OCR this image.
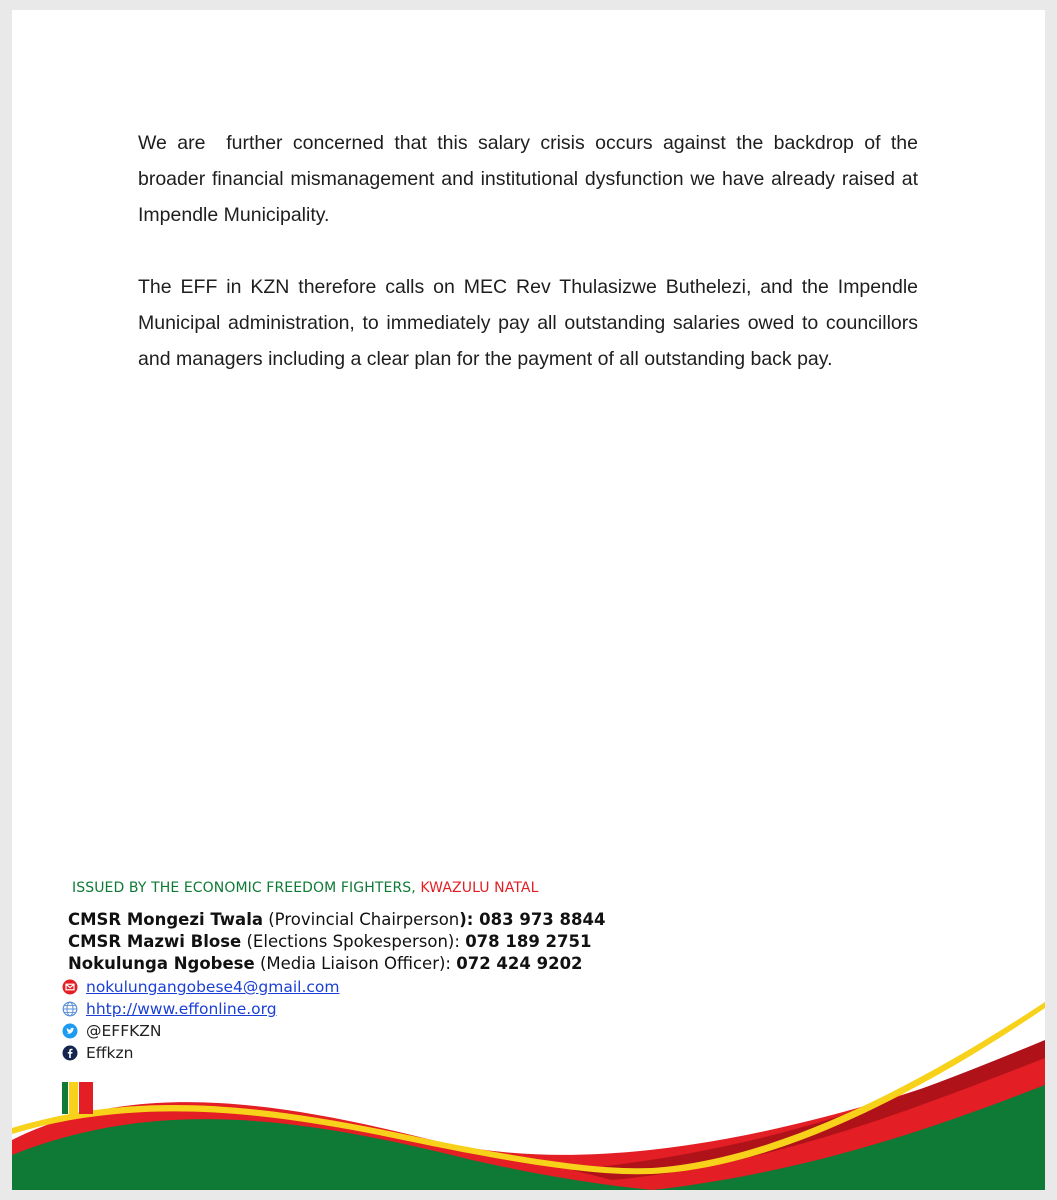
We are  further concerned that this salary crisis occurs against the backdrop of the broader financial mismanagement and institutional dysfunction we have already raised at Impendle Municipality.

The EFF in KZN therefore calls on MEC Rev Thulasizwe Buthelezi, and the Impendle Municipal administration, to immediately pay all outstanding salaries owed to councillors and managers including a clear plan for the payment of all outstanding back pay.

ISSUED BY THE ECONOMIC FREEDOM FIGHTERS, KWAZULU NATAL
CMSR Mongezi Twala (Provincial Chairperson): 083 973 8844
CMSR Mazwi Blose (Elections Spokesperson): 078 189 2751
Nokulunga Ngobese (Media Liaison Officer): 072 424 9202
nokulungangobese4@gmail.com
hhtp://www.effonline.org
@EFFKZN
Effkzn
